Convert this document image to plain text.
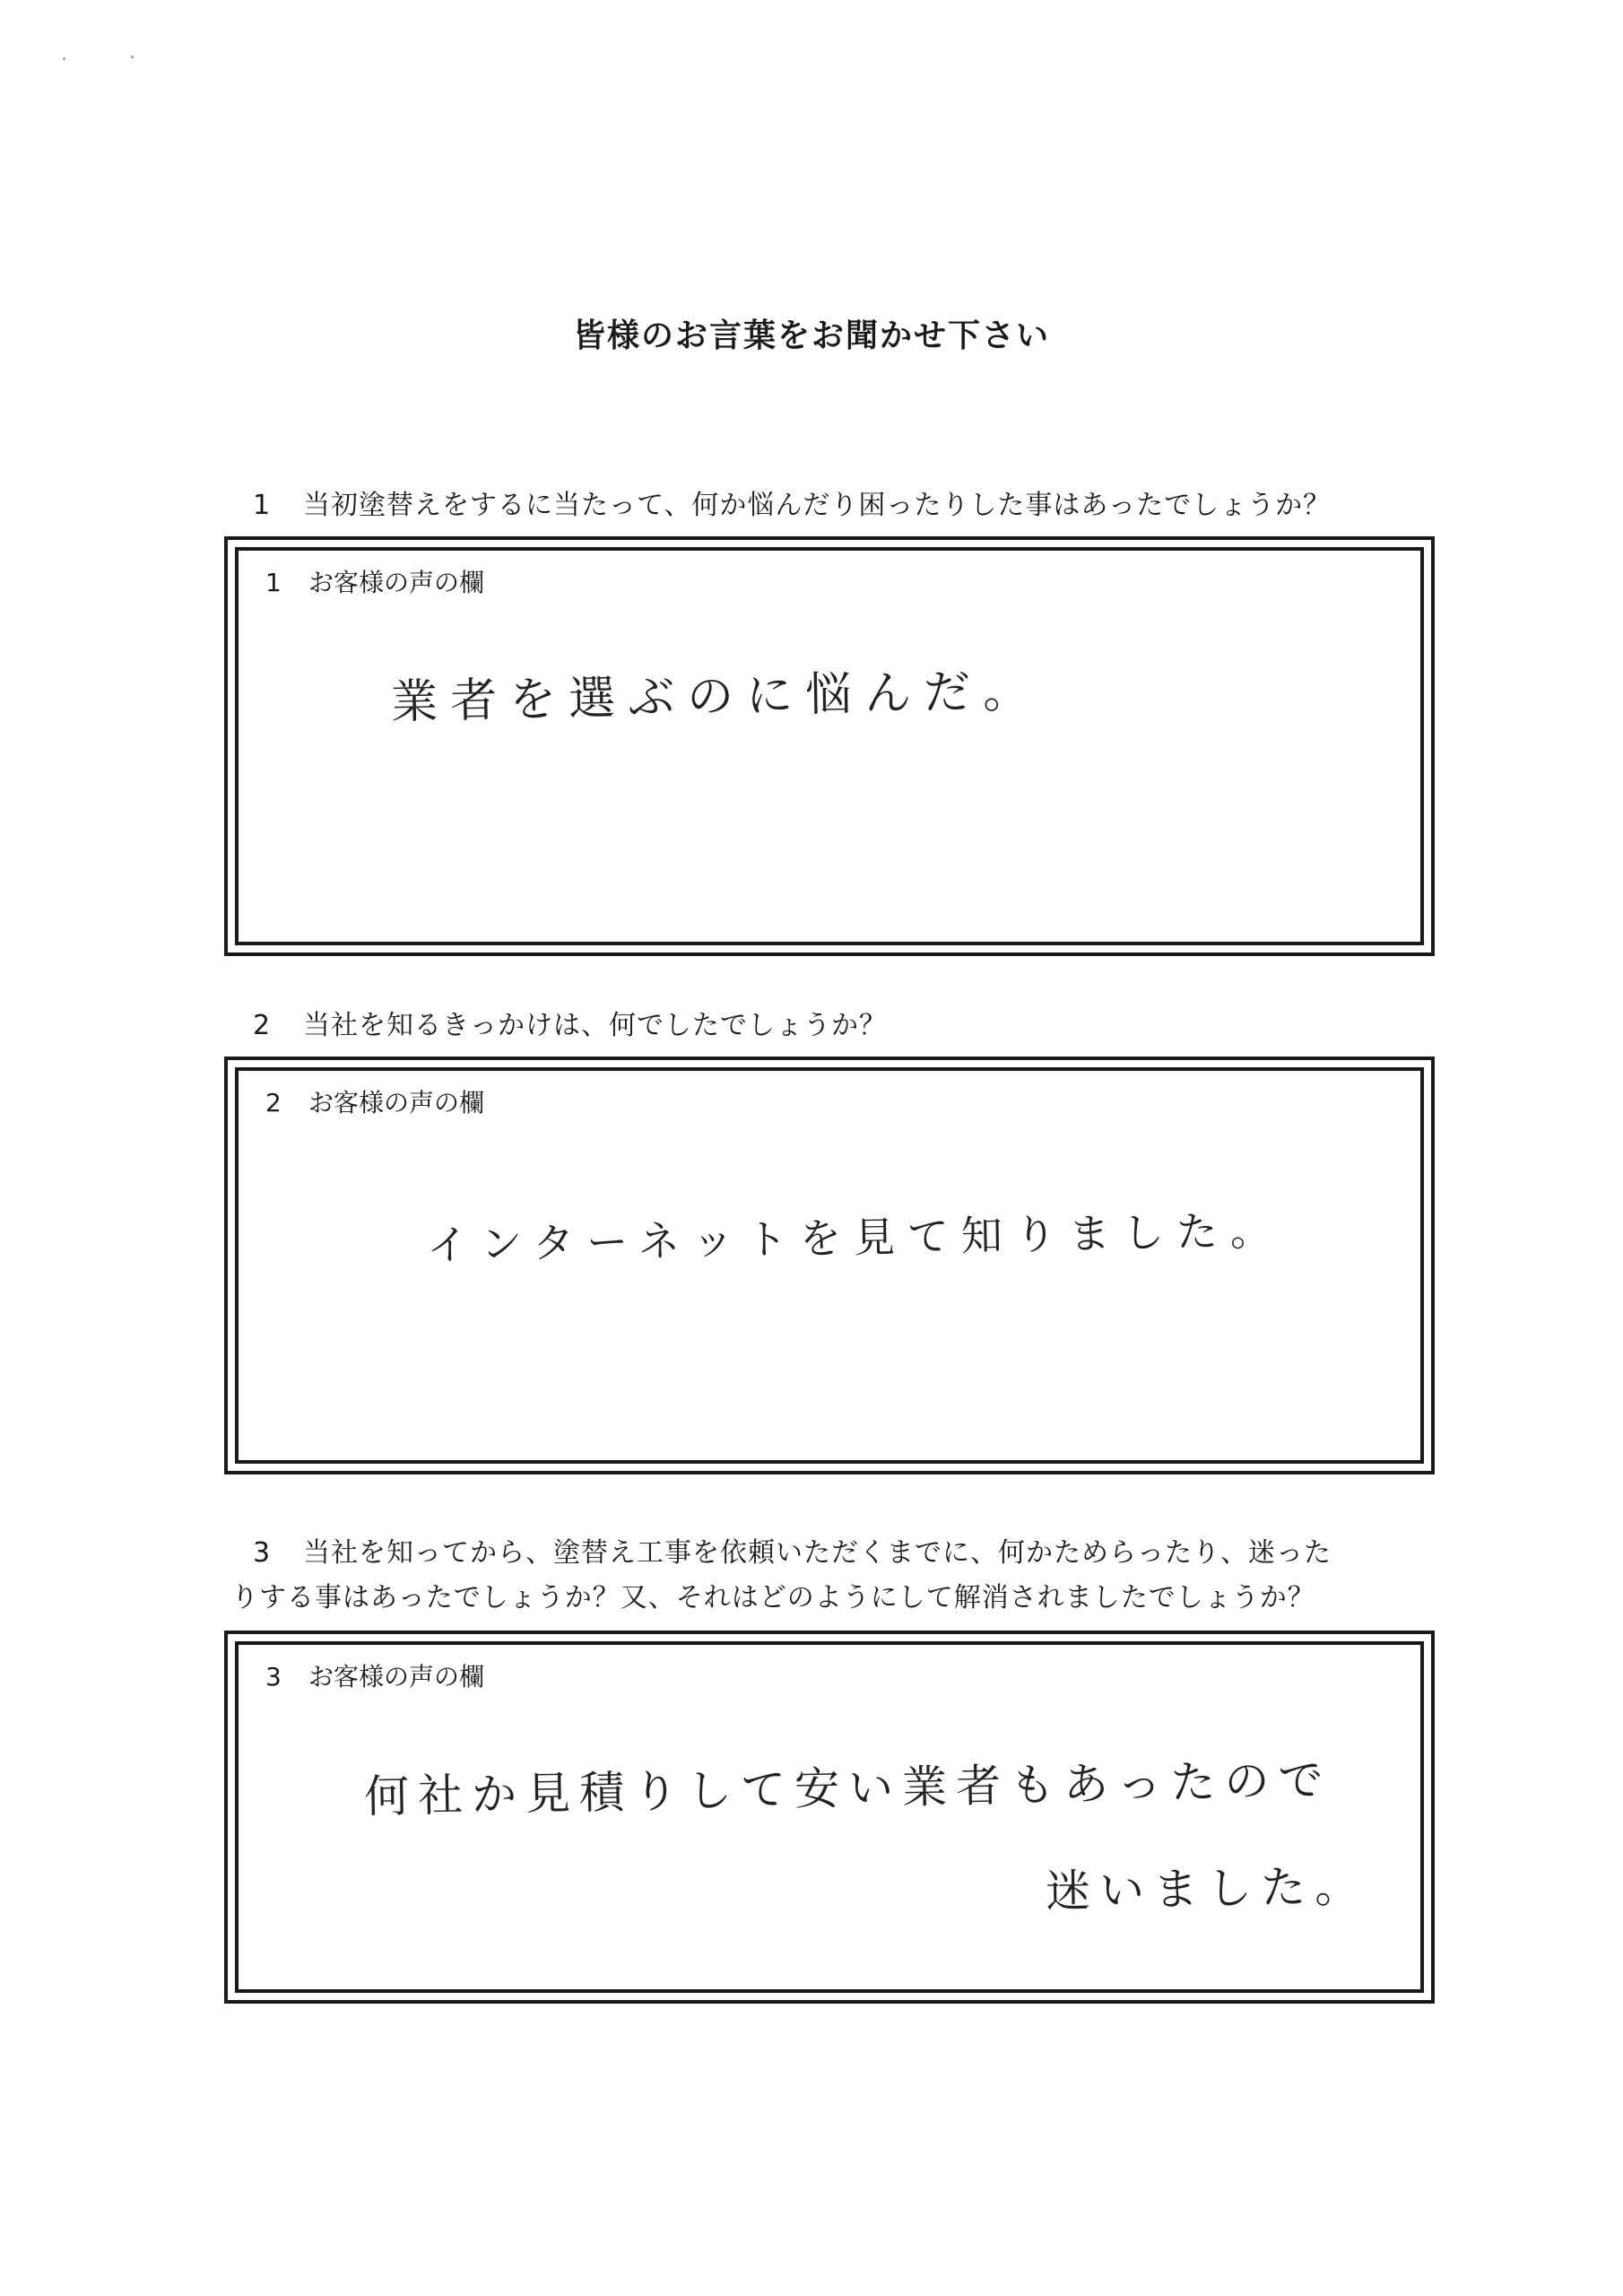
皆様のお言葉をお聞かせ下さい
1 当初塗替えをするに当たって、何か悩んだり困ったりした事はあったでしょうか？
1 お客様の声の欄
業者を選ぶのに悩んだ。
2 当社を知るきっかけは、何でしたでしょうか？
2 お客様の声の欄
インターネットを見て知りました。
3 当社を知ってから、塗替え工事を依頼いただくまでに、何かためらったり、迷った
りする事はあったでしょうか？又、それはどのようにして解消されましたでしょうか？
3 お客様の声の欄
何社か見積りして安い業者もあったので
迷いました。
